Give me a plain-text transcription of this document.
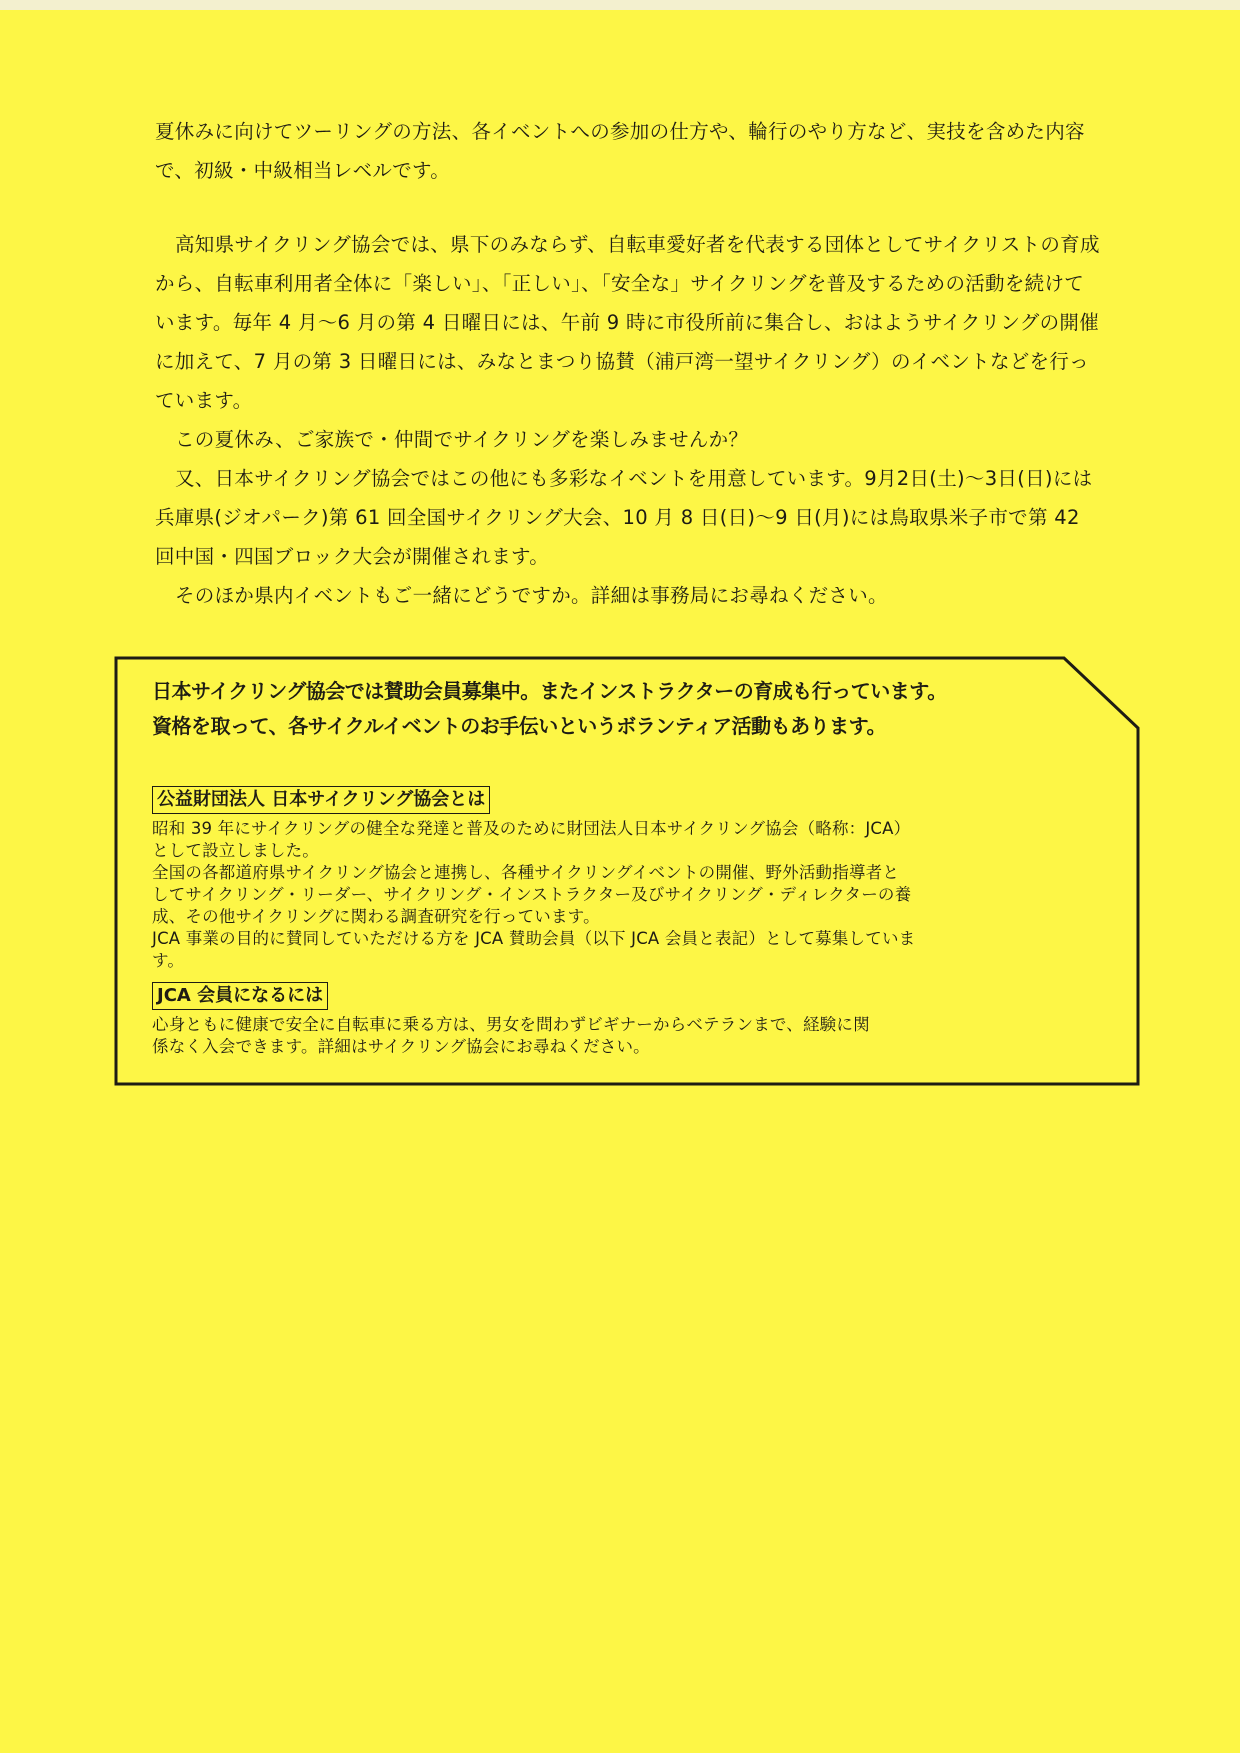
夏休みに向けてツーリングの方法、各イベントへの参加の仕方や、輪行のやり方など、実技を含めた内容で、初級・中級相当レベルです。

高知県サイクリング協会では、県下のみならず、自転車愛好者を代表する団体としてサイクリストの育成から、自転車利用者全体に「楽しい」、「正しい」、「安全な」サイクリングを普及するための活動を続けています。毎年 4 月～6 月の第 4 日曜日には、午前 9 時に市役所前に集合し、おはようサイクリングの開催に加えて、7 月の第 3 日曜日には、みなとまつり協賛（浦戸湾一望サイクリング）のイベントなどを行っています。

この夏休み、ご家族で・仲間でサイクリングを楽しみませんか？

又、日本サイクリング協会ではこの他にも多彩なイベントを用意しています。9月2日(土)～3日(日)には兵庫県(ジオパーク)第 61 回全国サイクリング大会、10 月 8 日(日)～9 日(月)には鳥取県米子市で第 42 回中国・四国ブロック大会が開催されます。

そのほか県内イベントもご一緒にどうですか。詳細は事務局にお尋ねください。

日本サイクリング協会では賛助会員募集中。またインストラクターの育成も行っています。

資格を取って、各サイクルイベントのお手伝いというボランティア活動もあります。

公益財団法人 日本サイクリング協会とは

昭和 39 年にサイクリングの健全な発達と普及のために財団法人日本サイクリング協会（略称：JCA）

として設立しました。

全国の各都道府県サイクリング協会と連携し、各種サイクリングイベントの開催、野外活動指導者と

してサイクリング・リーダー、サイクリング・インストラクター及びサイクリング・ディレクターの養

成、その他サイクリングに関わる調査研究を行っています。

JCA 事業の目的に賛同していただける方を JCA 賛助会員（以下 JCA 会員と表記）として募集していま

す。

JCA 会員になるには

心身ともに健康で安全に自転車に乗る方は、男女を問わずビギナーからベテランまで、経験に関

係なく入会できます。詳細はサイクリング協会にお尋ねください。
